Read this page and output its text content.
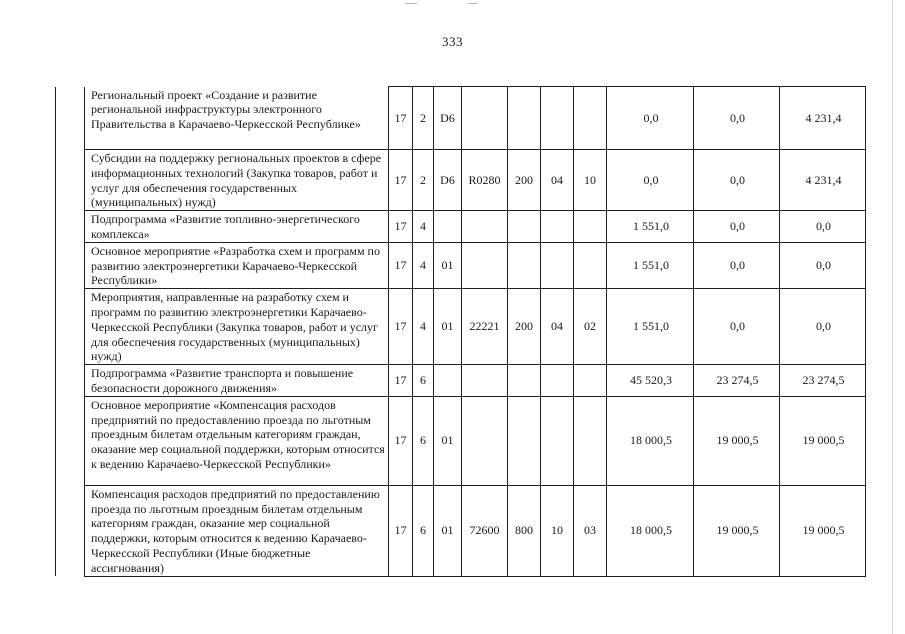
333
	Региональный проект «Создание и развитие региональной инфраструктуры электронного Правительства в Карачаево-Черкесской Республике»	17	2	D6					0,0	0,0	4 231,4
	Субсидии на поддержку региональных проектов в сфере информационных технологий (Закупка товаров, работ и услуг для обеспечения государственных (муниципальных) нужд)	17	2	D6	R0280	200	04	10	0,0	0,0	4 231,4
	Подпрограмма «Развитие топливно-энергетического комплекса»	17	4						1 551,0	0,0	0,0
	Основное мероприятие «Разработка схем и программ по развитию электроэнергетики Карачаево-Черкесской Республики»	17	4	01					1 551,0	0,0	0,0
	Мероприятия, направленные на разработку схем и программ по развитию электроэнергетики Карачаево-Черкесской Республики (Закупка товаров, работ и услуг для обеспечения государственных (муниципальных) нужд)	17	4	01	22221	200	04	02	1 551,0	0,0	0,0
	Подпрограмма «Развитие транспорта и повышение безопасности дорожного движения»	17	6						45 520,3	23 274,5	23 274,5
	Основное мероприятие «Компенсация расходов предприятий по предоставлению проезда по льготным проездным билетам отдельным категориям граждан, оказание мер социальной поддержки, которым относится к ведению Карачаево-Черкесской Республики»	17	6	01					18 000,5	19 000,5	19 000,5
	Компенсация расходов предприятий по предоставлению проезда по льготным проездным билетам отдельным категориям граждан, оказание мер социальной поддержки, которым относится к ведению Карачаево-Черкесской Республики (Иные бюджетные ассигнования)	17	6	01	72600	800	10	03	18 000,5	19 000,5	19 000,5
